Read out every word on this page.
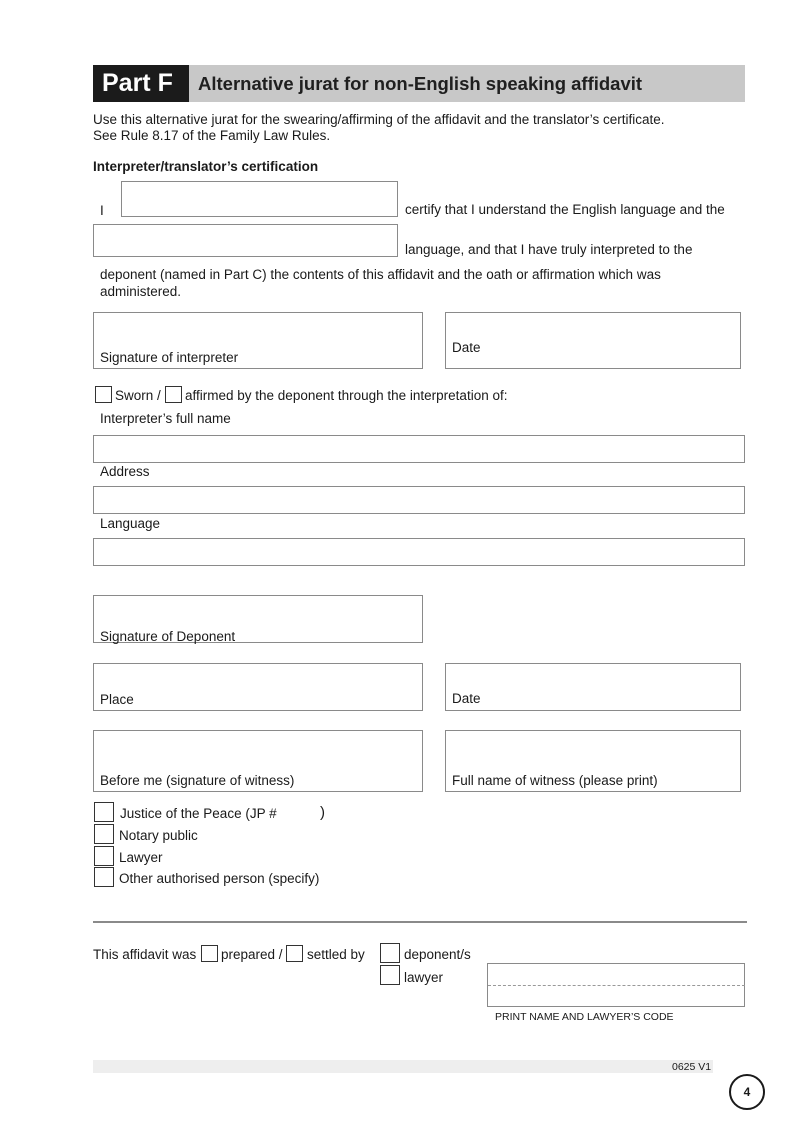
Part F	Alternative jurat for non-English speaking affidavit
Use this alternative jurat for the swearing/affirming of the affidavit and the translator’s certificate.
See Rule 8.17 of the Family Law Rules.
Interpreter/translator’s certification
I	certify that I understand the English language and the
language, and that I have truly interpreted to the
deponent (named in Part C) the contents of this affidavit and the oath or affirmation which was
administered.
Signature of interpreter
Date
Sworn / affirmed by the deponent through the interpretation of:
Interpreter’s full name
Address
Language
Signature of Deponent
Place	Date
Before me (signature of witness)	Full name of witness (please print)
Justice of the Peace (JP #	)
Notary public
Lawyer
Other authorised person (specify)
This affidavit was prepared / settled by	deponent/s
lawyer
PRINT NAME AND LAWYER’S CODE
0625 V1
4
